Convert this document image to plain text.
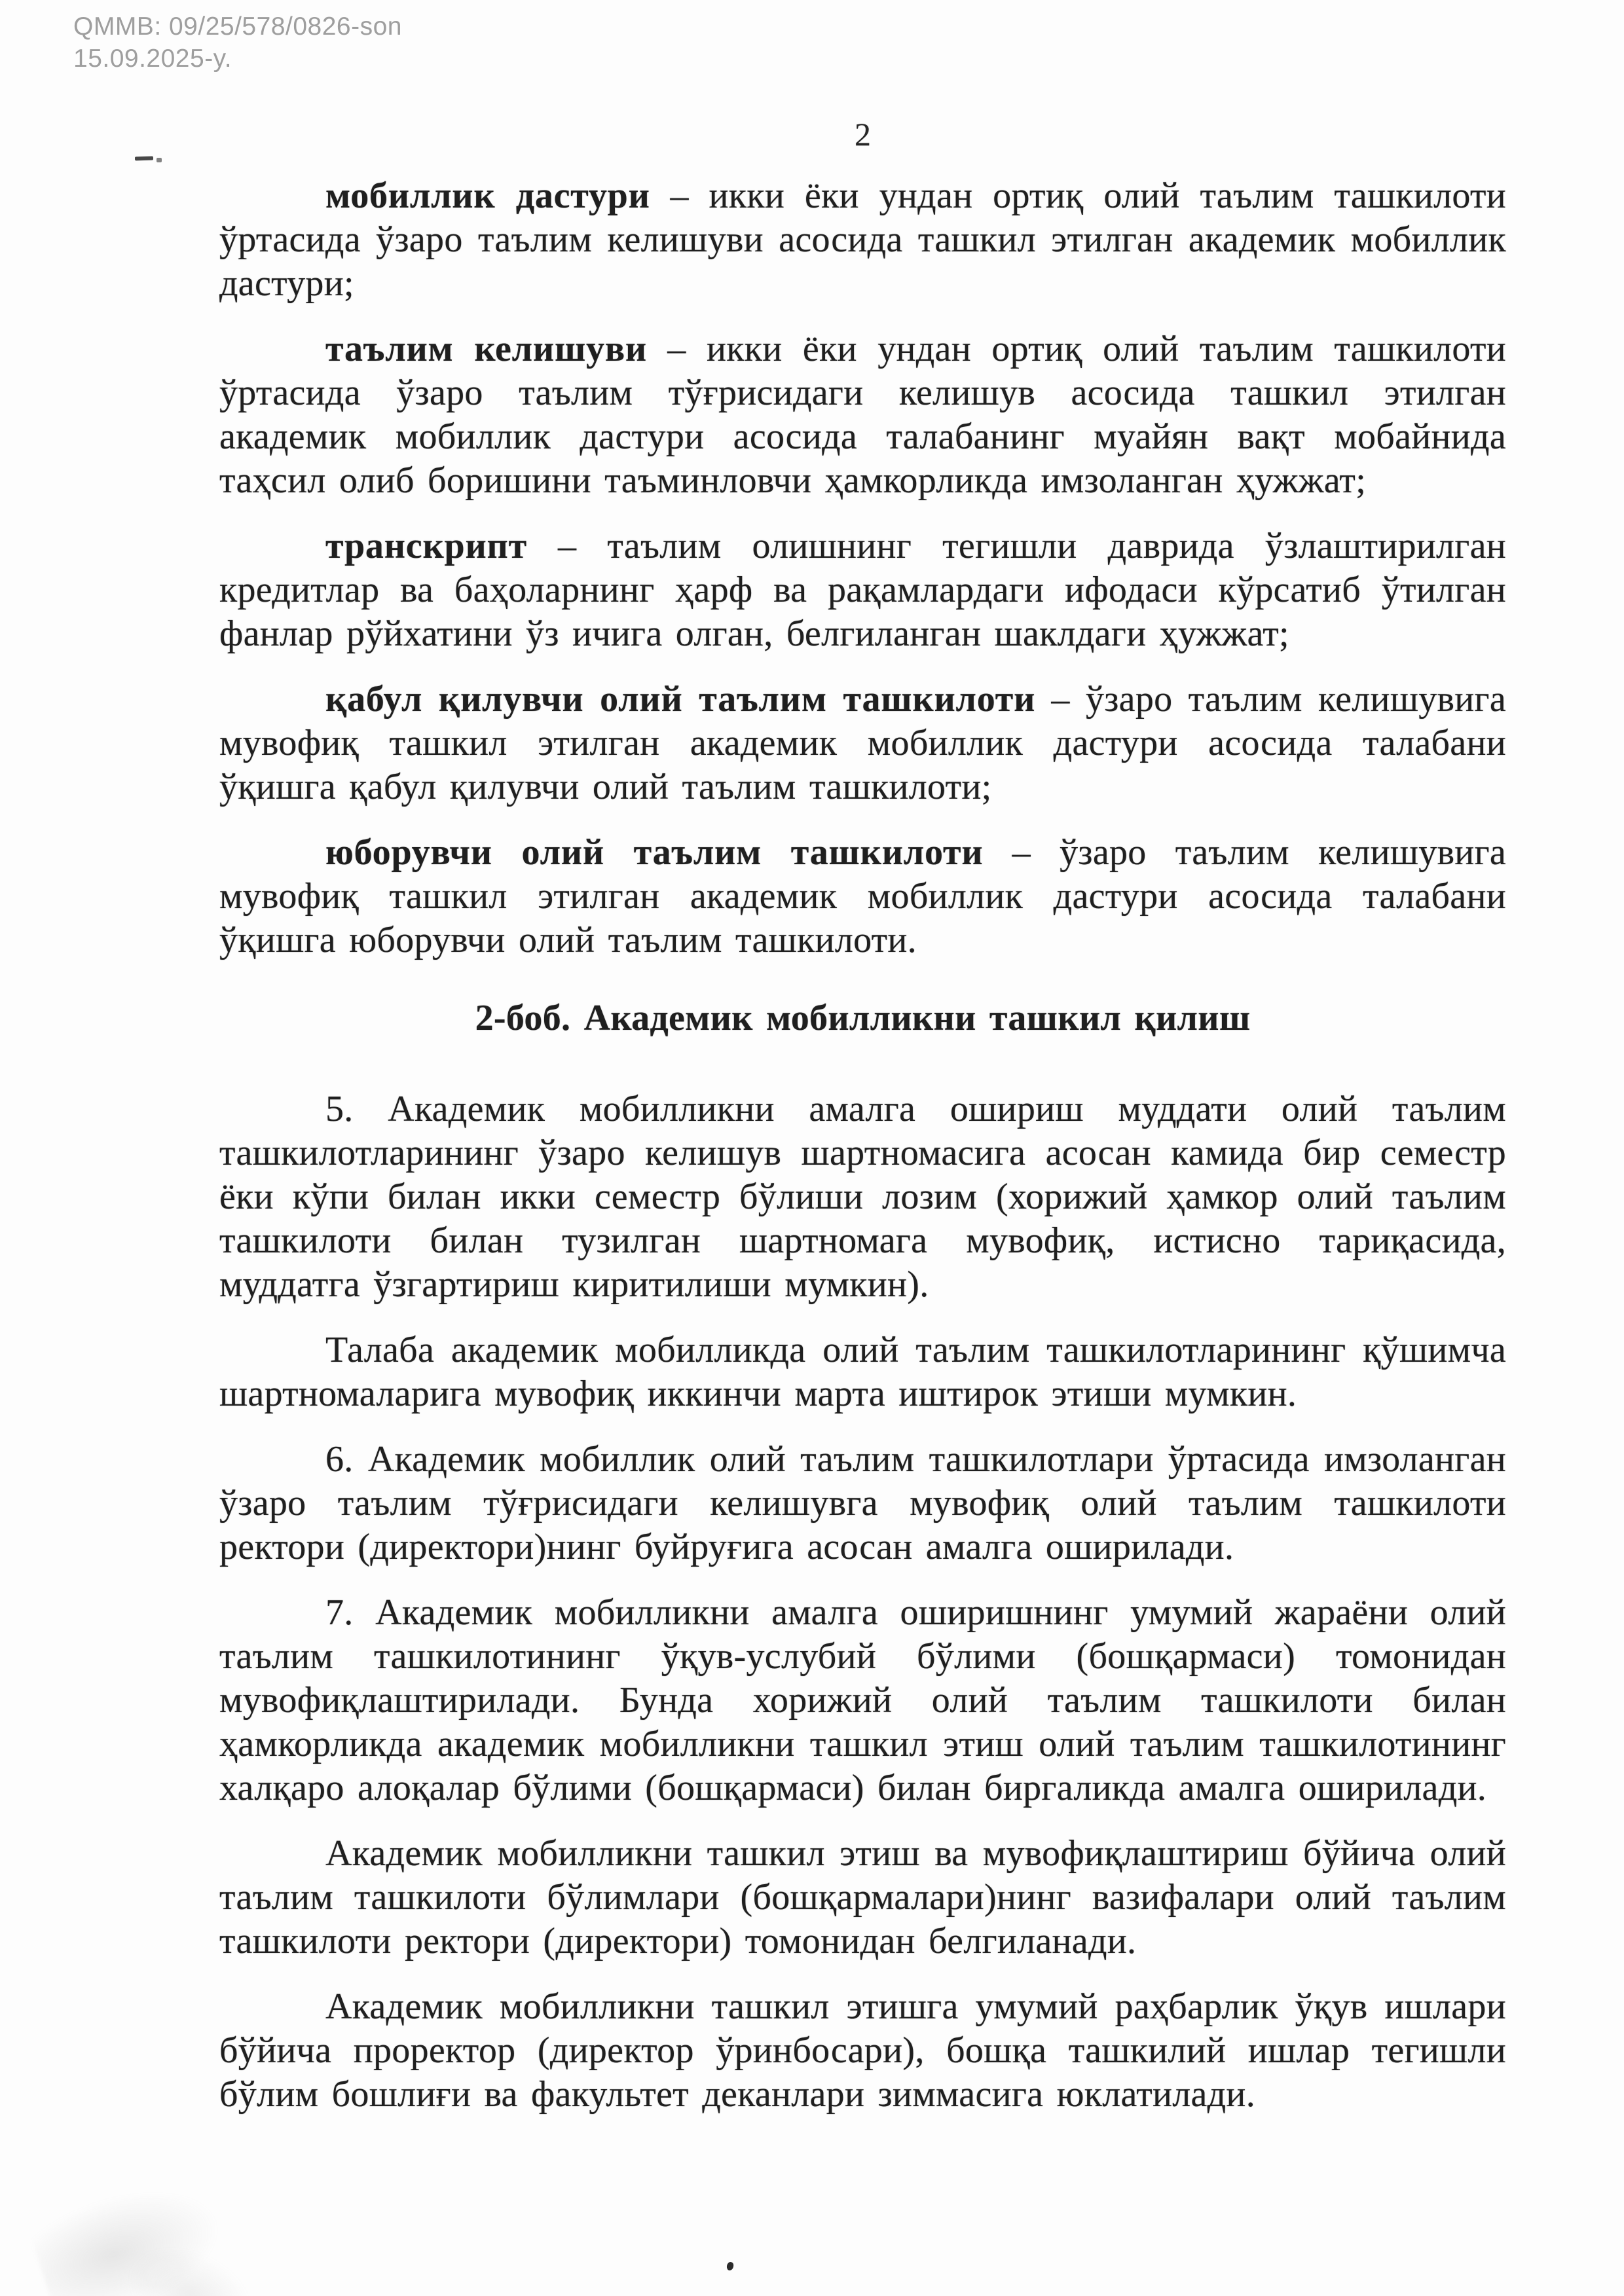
QMMB: 09/25/578/0826-son
15.09.2025-y.
2

мобиллик дастури – икки ёки ундан ортиқ олий таълим ташкилоти ўртасида ўзаро таълим келишуви асосида ташкил этилган академик мобиллик дастури;

таълим келишуви – икки ёки ундан ортиқ олий таълим ташкилоти ўртасида ўзаро таълим тўғрисидаги келишув асосида ташкил этилган академик мобиллик дастури асосида талабанинг муайян вақт мобайнида таҳсил олиб боришини таъминловчи ҳамкорликда имзоланган ҳужжат;

транскрипт – таълим олишнинг тегишли даврида ўзлаштирилган кредитлар ва баҳоларнинг ҳарф ва рақамлардаги ифодаси кўрсатиб ўтилган фанлар рўйхатини ўз ичига олган, белгиланган шаклдаги ҳужжат;

қабул қилувчи олий таълим ташкилоти – ўзаро таълим келишувига мувофиқ ташкил этилган академик мобиллик дастури асосида талабани ўқишга қабул қилувчи олий таълим ташкилоти;

юборувчи олий таълим ташкилоти – ўзаро таълим келишувига мувофиқ ташкил этилган академик мобиллик дастури асосида талабани ўқишга юборувчи олий таълим ташкилоти.

2-боб. Академик мобилликни ташкил қилиш

5. Академик мобилликни амалга ошириш муддати олий таълим ташкилотларининг ўзаро келишув шартномасига асосан камида бир семестр ёки кўпи билан икки семестр бўлиши лозим (хорижий ҳамкор олий таълим ташкилоти билан тузилган шартномага мувофиқ, истисно тариқасида, муддатга ўзгартириш киритилиши мумкин).

Талаба академик мобилликда олий таълим ташкилотларининг қўшимча шартномаларига мувофиқ иккинчи марта иштирок этиши мумкин.

6. Академик мобиллик олий таълим ташкилотлари ўртасида имзоланган ўзаро таълим тўғрисидаги келишувга мувофиқ олий таълим ташкилоти ректори (директори)нинг буйруғига асосан амалга оширилади.

7. Академик мобилликни амалга оширишнинг умумий жараёни олий таълим ташкилотининг ўқув-услубий бўлими (бошқармаси) томонидан мувофиқлаштирилади. Бунда хорижий олий таълим ташкилоти билан ҳамкорликда академик мобилликни ташкил этиш олий таълим ташкилотининг халқаро алоқалар бўлими (бошқармаси) билан биргаликда амалга оширилади.

Академик мобилликни ташкил этиш ва мувофиқлаштириш бўйича олий таълим ташкилоти бўлимлари (бошқармалари)нинг вазифалари олий таълим ташкилоти ректори (директори) томонидан белгиланади.

Академик мобилликни ташкил этишга умумий раҳбарлик ўқув ишлари бўйича проректор (директор ўринбосари), бошқа ташкилий ишлар тегишли бўлим бошлиғи ва факультет деканлари зиммасига юклатилади.
